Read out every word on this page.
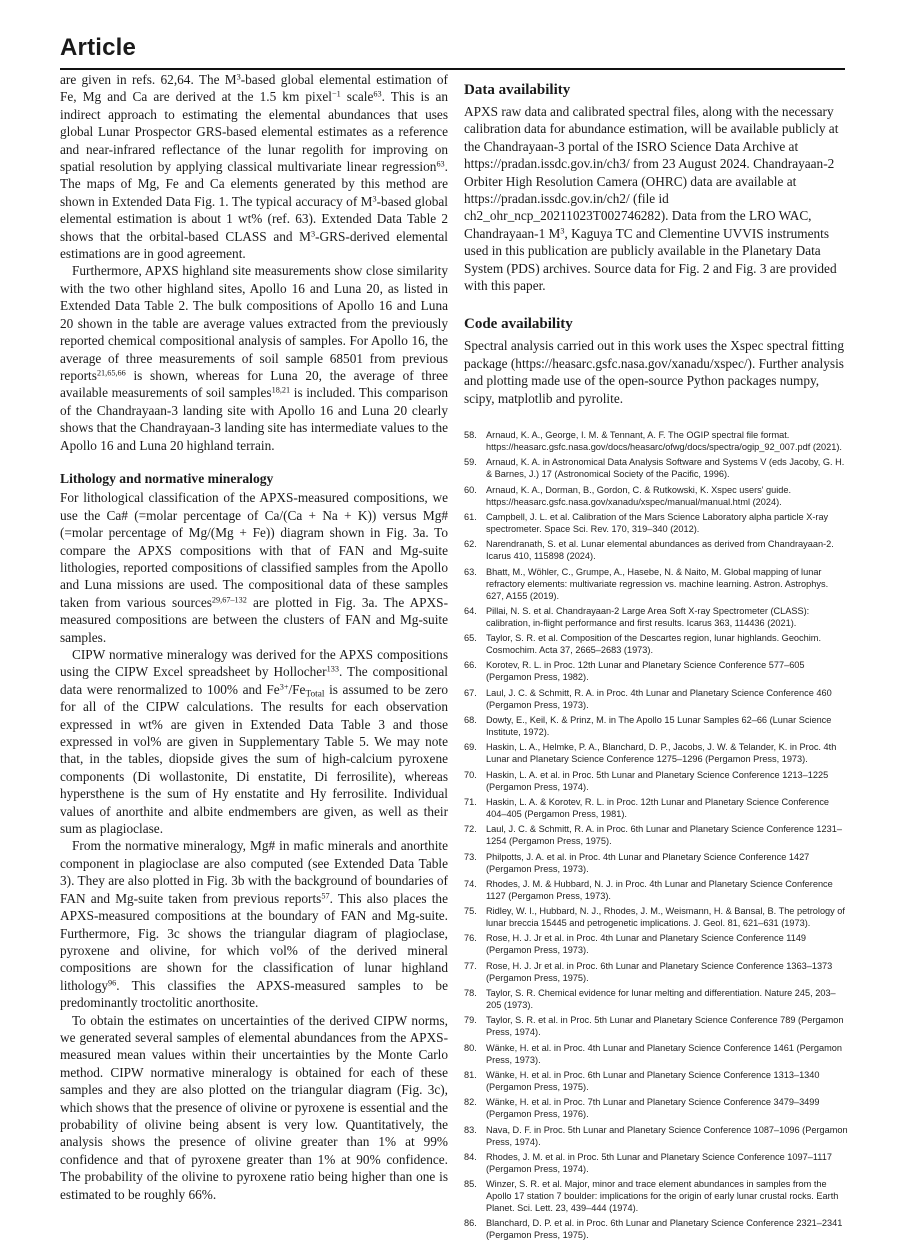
Article

are given in refs. 62,64. The $M^3$-based global elemental estimation of Fe, Mg and Ca are derived at the 1.5 km pixel$^{-1}$ scale$^{63}$. This is an indirect approach to estimating the elemental abundances that uses global Lunar Prospector GRS-based elemental estimates as a reference and near-infrared reflectance of the lunar regolith for improving on spatial resolution by applying classical multivariate linear regression$^{63}$. The maps of Mg, Fe and Ca elements generated by this method are shown in Extended Data Fig. 1. The typical accuracy of $M^3$-based global elemental estimation is about 1 wt% (ref. 63). Extended Data Table 2 shows that the orbital-based CLASS and $M^3-GRS$-derived elemental estimations are in good agreement.

Furthermore, APXS highland site measurements show close similarity with the two other highland sites, Apollo 16 and Luna 20, as listed in Extended Data Table 2. The bulk compositions of Apollo 16 and Luna 20 shown in the table are average values extracted from the previously reported chemical compositional analysis of samples. For Apollo 16, the average of three measurements of soil sample 68501 from previous reports$^{21,65,66}$ is shown, whereas for Luna 20, the average of three available measurements of soil samples$^{18,21}$ is included. This comparison of the Chandrayaan-3 landing site with Apollo 16 and Luna 20 clearly shows that the Chandrayaan-3 landing site has intermediate values to the Apollo 16 and Luna 20 highland terrain.

Lithology and normative mineralogy

For lithological classification of the APXS-measured compositions, we use the Ca# (=molar percentage of Ca/(Ca + Na + K)) versus Mg# (=molar percentage of Mg/(Mg + Fe)) diagram shown in Fig. 3a. To compare the APXS compositions with that of FAN and Mg-suite lithologies, reported compositions of classified samples from the Apollo and Luna missions are used. The compositional data of these samples taken from various sources$^{29,67-132}$ are plotted in Fig. 3a. The APXS-measured compositions are between the clusters of FAN and Mg-suite samples.

CIPW normative mineralogy was derived for the APXS compositions using the CIPW Excel spreadsheet by Hollocher$^{133}$. The compositional data were renormalized to 100% and $Fe^{3+}/Fe_{Total}$ is assumed to be zero for all of the CIPW calculations. The results for each observation expressed in wt% are given in Extended Data Table 3 and those expressed in vol% are given in Supplementary Table 5. We may note that, in the tables, diopside gives the sum of high-calcium pyroxene components (Di wollastonite, Di enstatite, Di ferrosilite), whereas hypersthene is the sum of Hy enstatite and Hy ferrosilite. Individual values of anorthite and albite endmembers are given, as well as their sum as plagioclase.

From the normative mineralogy, Mg# in mafic minerals and anorthite component in plagioclase are also computed (see Extended Data Table 3). They are also plotted in Fig. 3b with the background of boundaries of FAN and Mg-suite taken from previous reports$^{57}$. This also places the APXS-measured compositions at the boundary of FAN and Mg-suite. Furthermore, Fig. 3c shows the triangular diagram of plagioclase, pyroxene and olivine, for which vol% of the derived mineral compositions are shown for the classification of lunar highland lithology$^{96}$. This classifies the APXS-measured samples to be predominantly troctolitic anorthosite.

To obtain the estimates on uncertainties of the derived CIPW norms, we generated several samples of elemental abundances from the APXS-measured mean values within their uncertainties by the Monte Carlo method. CIPW normative mineralogy is obtained for each of these samples and they are also plotted on the triangular diagram (Fig. 3c), which shows that the presence of olivine or pyroxene is essential and the probability of olivine being absent is very low. Quantitatively, the analysis shows the presence of olivine greater than 1% at 99% confidence and that of pyroxene greater than 1% at 90% confidence. The probability of the olivine to pyroxene ratio being higher than one is estimated to be roughly 66%.

Data availability

APXS raw data and calibrated spectral files, along with the necessary calibration data for abundance estimation, will be available publicly at the Chandrayaan-3 portal of the ISRO Science Data Archive at https://pradan.issdc.gov.in/ch3/ from 23 August 2024. Chandrayaan-2 Orbiter High Resolution Camera (OHRC) data are available at https://pradan.issdc.gov.in/ch2/ (file id ch2_ohr_ncp_20211023T002746282). Data from the LRO WAC, Chandrayaan-1 $M^3$, Kaguya TC and Clementine UVVIS instruments used in this publication are publicly available in the Planetary Data System (PDS) archives. Source data for Fig. 2 and Fig. 3 are provided with this paper.

Code availability

Spectral analysis carried out in this work uses the Xspec spectral fitting package (https://heasarc.gsfc.nasa.gov/xanadu/xspec/). Further analysis and plotting made use of the open-source Python packages numpy, scipy, matplotlib and pyrolite.

58.	Arnaud, K. A., George, I. M. & Tennant, A. F. The OGIP spectral file format. https://heasarc.gsfc.nasa.gov/docs/heasarc/ofwg/docs/spectra/ogip_92_007.pdf (2021).
59.	Arnaud, K. A. in Astronomical Data Analysis Software and Systems V (eds Jacoby, G. H. & Barnes, J.) 17 (Astronomical Society of the Pacific, 1996).
60.	Arnaud, K. A., Dorman, B., Gordon, C. & Rutkowski, K. Xspec users' guide. https://heasarc.gsfc.nasa.gov/xanadu/xspec/manual/manual.html (2024).
61.	Campbell, J. L. et al. Calibration of the Mars Science Laboratory alpha particle X-ray spectrometer. Space Sci. Rev. 170, 319–340 (2012).
62.	Narendranath, S. et al. Lunar elemental abundances as derived from Chandrayaan-2. Icarus 410, 115898 (2024).
63.	Bhatt, M., Wöhler, C., Grumpe, A., Hasebe, N. & Naito, M. Global mapping of lunar refractory elements: multivariate regression vs. machine learning. Astron. Astrophys. 627, A155 (2019).
64.	Pillai, N. S. et al. Chandrayaan-2 Large Area Soft X-ray Spectrometer (CLASS): calibration, in-flight performance and first results. Icarus 363, 114436 (2021).
65.	Taylor, S. R. et al. Composition of the Descartes region, lunar highlands. Geochim. Cosmochim. Acta 37, 2665–2683 (1973).
66.	Korotev, R. L. in Proc. 12th Lunar and Planetary Science Conference 577–605 (Pergamon Press, 1982).
67.	Laul, J. C. & Schmitt, R. A. in Proc. 4th Lunar and Planetary Science Conference 460 (Pergamon Press, 1973).
68.	Dowty, E., Keil, K. & Prinz, M. in The Apollo 15 Lunar Samples 62–66 (Lunar Science Institute, 1972).
69.	Haskin, L. A., Helmke, P. A., Blanchard, D. P., Jacobs, J. W. & Telander, K. in Proc. 4th Lunar and Planetary Science Conference 1275–1296 (Pergamon Press, 1973).
70.	Haskin, L. A. et al. in Proc. 5th Lunar and Planetary Science Conference 1213–1225 (Pergamon Press, 1974).
71.	Haskin, L. A. & Korotev, R. L. in Proc. 12th Lunar and Planetary Science Conference 404–405 (Pergamon Press, 1981).
72.	Laul, J. C. & Schmitt, R. A. in Proc. 6th Lunar and Planetary Science Conference 1231–1254 (Pergamon Press, 1975).
73.	Philpotts, J. A. et al. in Proc. 4th Lunar and Planetary Science Conference 1427 (Pergamon Press, 1973).
74.	Rhodes, J. M. & Hubbard, N. J. in Proc. 4th Lunar and Planetary Science Conference 1127 (Pergamon Press, 1973).
75.	Ridley, W. I., Hubbard, N. J., Rhodes, J. M., Weismann, H. & Bansal, B. The petrology of lunar breccia 15445 and petrogenetic implications. J. Geol. 81, 621–631 (1973).
76.	Rose, H. J. Jr et al. in Proc. 4th Lunar and Planetary Science Conference 1149 (Pergamon Press, 1973).
77.	Rose, H. J. Jr et al. in Proc. 6th Lunar and Planetary Science Conference 1363–1373 (Pergamon Press, 1975).
78.	Taylor, S. R. Chemical evidence for lunar melting and differentiation. Nature 245, 203–205 (1973).
79.	Taylor, S. R. et al. in Proc. 5th Lunar and Planetary Science Conference 789 (Pergamon Press, 1974).
80.	Wänke, H. et al. in Proc. 4th Lunar and Planetary Science Conference 1461 (Pergamon Press, 1973).
81.	Wänke, H. et al. in Proc. 6th Lunar and Planetary Science Conference 1313–1340 (Pergamon Press, 1975).
82.	Wänke, H. et al. in Proc. 7th Lunar and Planetary Science Conference 3479–3499 (Pergamon Press, 1976).
83.	Nava, D. F. in Proc. 5th Lunar and Planetary Science Conference 1087–1096 (Pergamon Press, 1974).
84.	Rhodes, J. M. et al. in Proc. 5th Lunar and Planetary Science Conference 1097–1117 (Pergamon Press, 1974).
85.	Winzer, S. R. et al. Major, minor and trace element abundances in samples from the Apollo 17 station 7 boulder: implications for the origin of early lunar crustal rocks. Earth Planet. Sci. Lett. 23, 439–444 (1974).
86.	Blanchard, D. P. et al. in Proc. 6th Lunar and Planetary Science Conference 2321–2341 (Pergamon Press, 1975).
